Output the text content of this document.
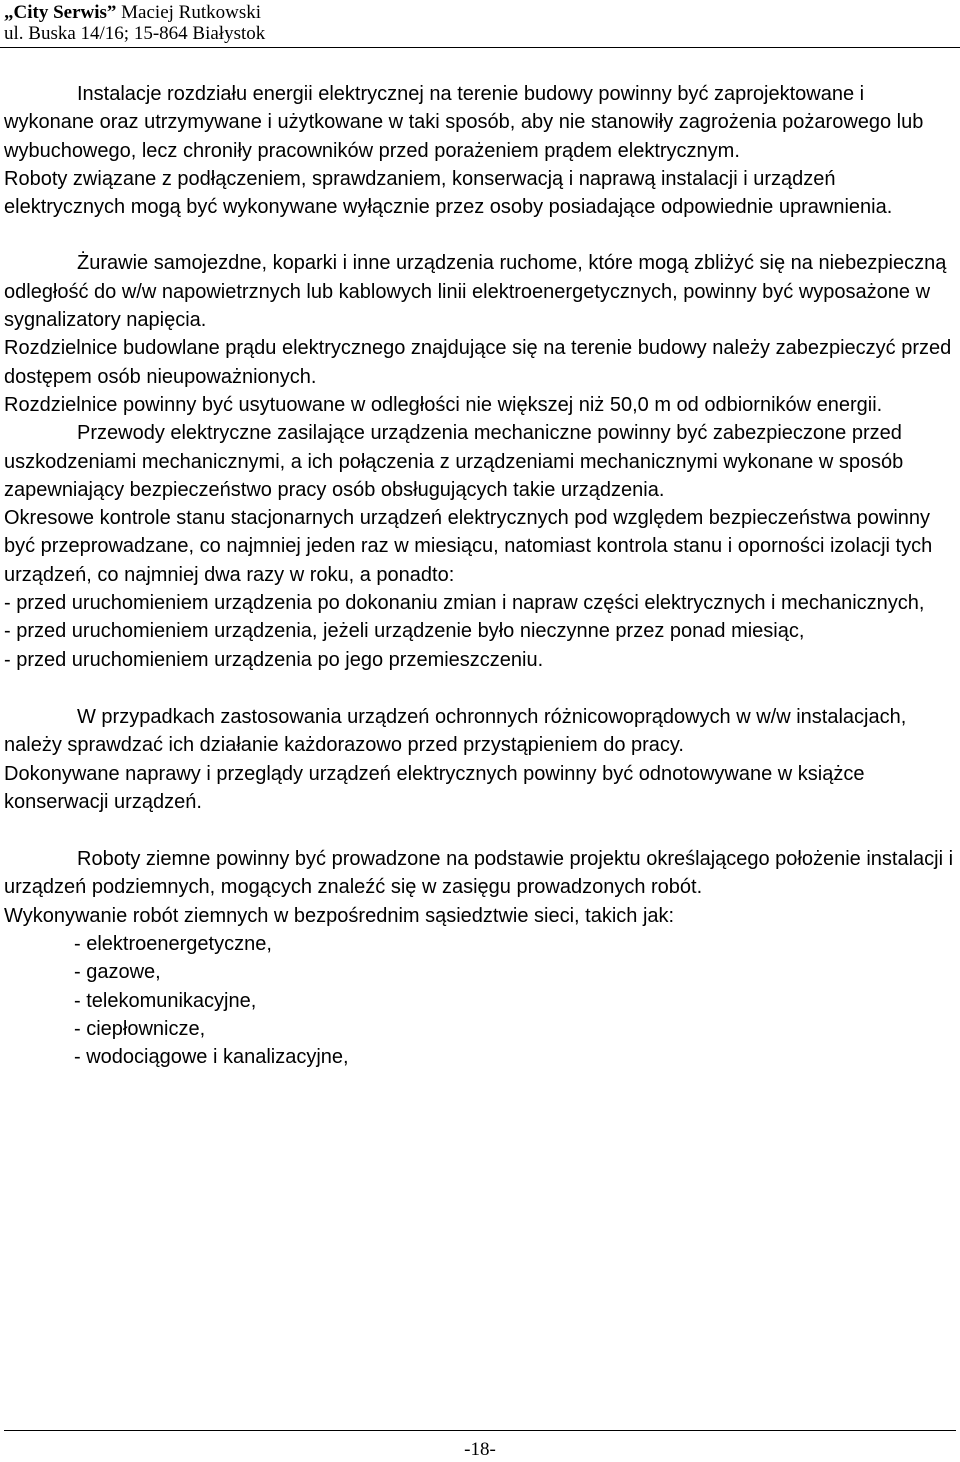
„City Serwis” Maciej Rutkowski
ul. Buska 14/16; 15-864 Białystok

Instalacje rozdziału energii elektrycznej na terenie budowy powinny być zaprojektowane i wykonane oraz utrzymywane i użytkowane w taki sposób, aby nie stanowiły zagrożenia pożarowego lub wybuchowego, lecz chroniły pracowników przed porażeniem prądem elektrycznym.

Roboty związane z podłączeniem, sprawdzaniem, konserwacją i naprawą instalacji i urządzeń elektrycznych mogą być wykonywane wyłącznie przez osoby posiadające odpowiednie uprawnienia.

Żurawie samojezdne, koparki i inne urządzenia ruchome, które mogą zbliżyć się na niebezpieczną odległość do w/w napowietrznych lub kablowych linii elektroenergetycznych, powinny być wyposażone w sygnalizatory napięcia.

Rozdzielnice budowlane prądu elektrycznego znajdujące się na terenie budowy należy zabezpieczyć przed dostępem osób nieupoważnionych.

Rozdzielnice powinny być usytuowane w odległości nie większej niż 50,0 m od odbiorników energii.

Przewody elektryczne zasilające urządzenia mechaniczne powinny być zabezpieczone przed uszkodzeniami mechanicznymi, a ich połączenia z urządzeniami mechanicznymi wykonane w sposób zapewniający bezpieczeństwo pracy osób obsługujących takie urządzenia.

Okresowe kontrole stanu stacjonarnych urządzeń elektrycznych pod względem bezpieczeństwa powinny być przeprowadzane, co najmniej jeden raz w miesiącu, natomiast kontrola stanu i oporności izolacji tych urządzeń, co najmniej dwa razy w roku, a ponadto:

- przed uruchomieniem urządzenia po dokonaniu zmian i napraw części elektrycznych i mechanicznych,

- przed uruchomieniem urządzenia, jeżeli urządzenie było nieczynne przez ponad miesiąc,

- przed uruchomieniem urządzenia po jego przemieszczeniu.

W przypadkach zastosowania urządzeń ochronnych różnicowoprądowych w w/w instalacjach, należy sprawdzać ich działanie każdorazowo przed przystąpieniem do pracy.

Dokonywane naprawy i przeglądy urządzeń elektrycznych powinny być odnotowywane w książce konserwacji urządzeń.

Roboty ziemne powinny być prowadzone na podstawie projektu określającego położenie instalacji i urządzeń podziemnych, mogących znaleźć się w zasięgu prowadzonych robót.

Wykonywanie robót ziemnych w bezpośrednim sąsiedztwie sieci, takich jak:

- elektroenergetyczne,
- gazowe,
- telekomunikacyjne,
- ciepłownicze,
- wodociągowe i kanalizacyjne,
-18-
